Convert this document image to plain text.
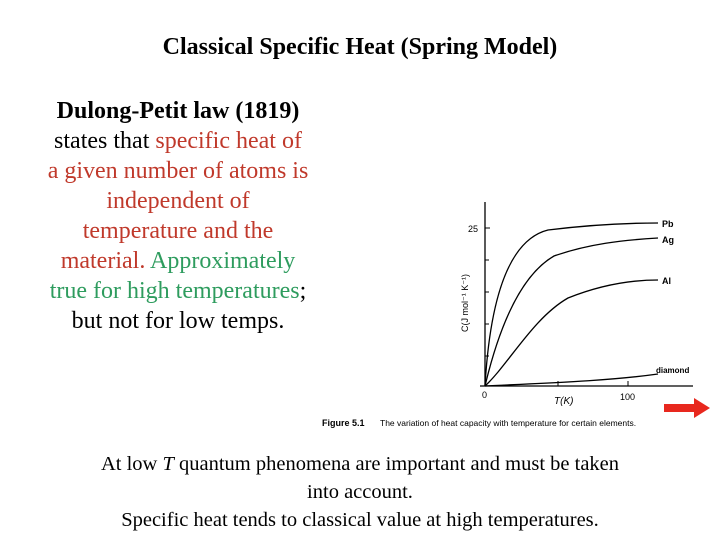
Classical Specific Heat (Spring Model)
Dulong-Petit law (1819)
states that specific heat of
a given number of atoms is
independent of
temperature and the
material. Approximately
true for high temperatures;
but not for low temps.
25
0	100
T(K)
C(J mol⁻¹ K⁻¹)
Pb
Ag
Al
diamond
Figure 5.1 The variation of heat capacity with temperature for certain elements.
At low T quantum phenomena are important and must be taken
into account.
Specific heat tends to classical value at high temperatures.
